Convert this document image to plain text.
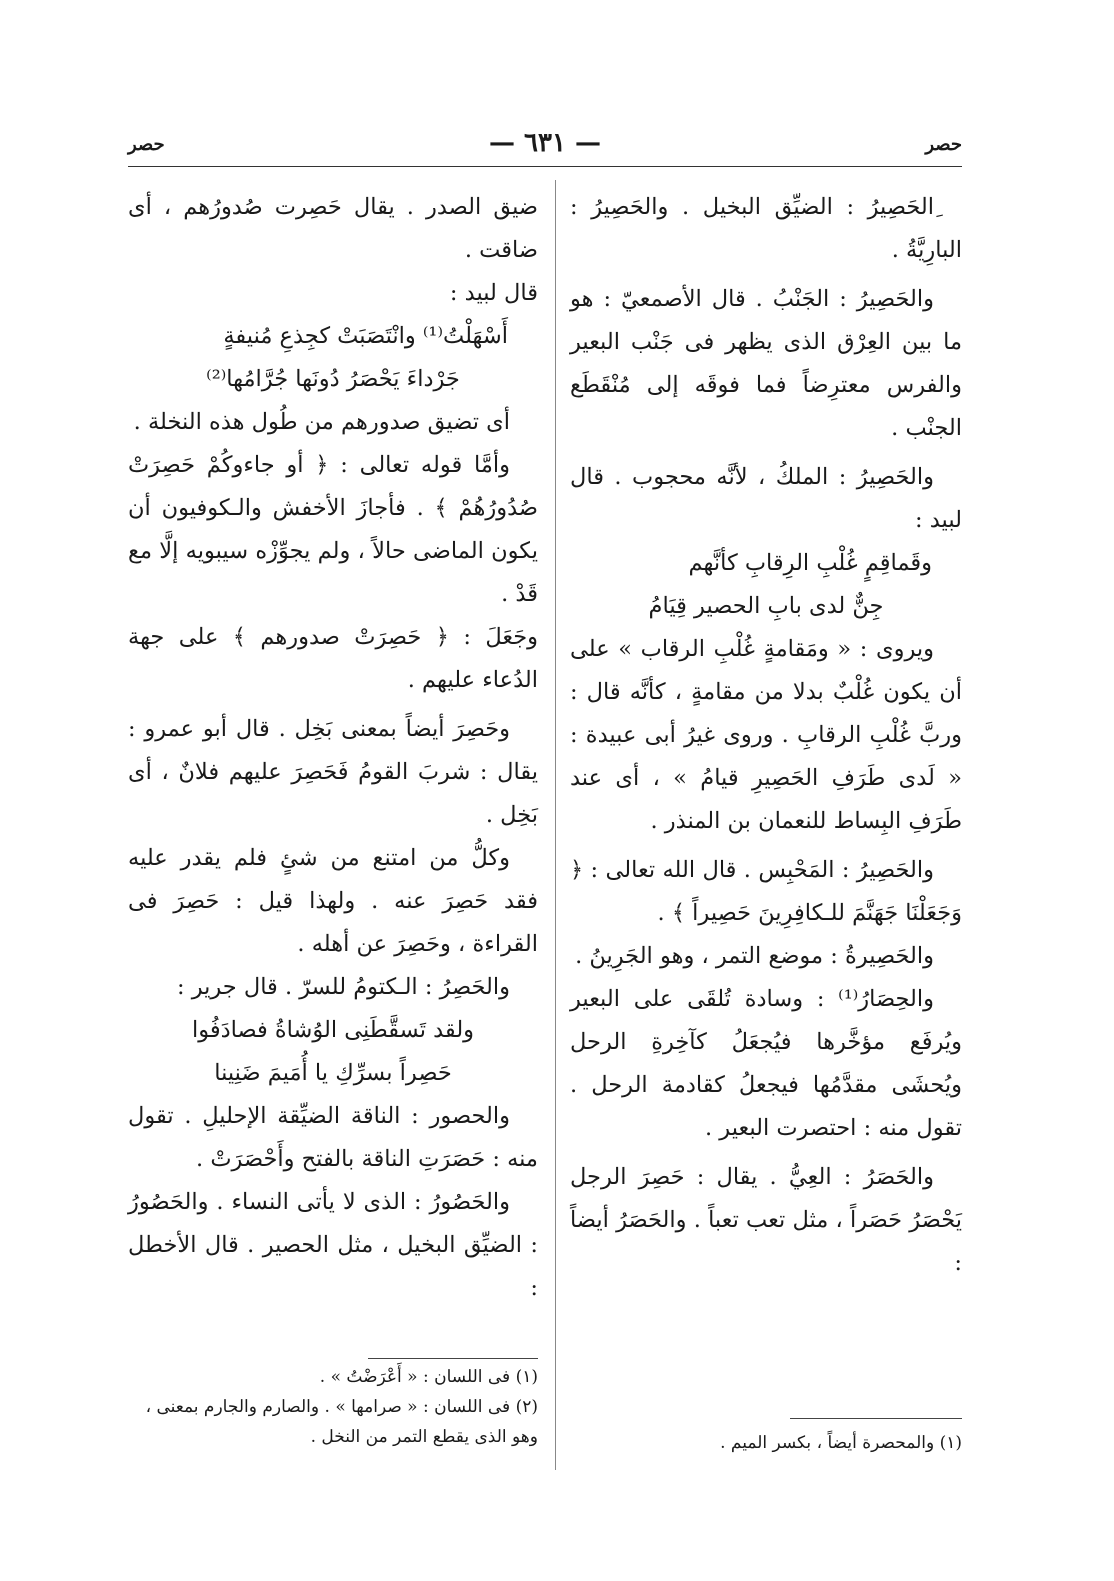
حصر
— ٦٣١ —
حصر

ِالحَصِيرُ : الضيِّق البخيل . والحَصِيرُ : البارِيَّةُ .

والحَصِيرُ : الجَنْبُ . قال الأصمعيّ : هو ما بين العِرْق الذى يظهر فى جَنْب البعير والفرس معترِضاً فما فوقَه إلى مُنْقَطَع الجنْب .

والحَصِيرُ : الملكُ ، لأنَّه محجوب . قال لبيد :

وقَماقِمٍ غُلْبِ الرِقابِ كأنَّهم

جِنٌّ لدى بابِ الحصير قِيَامُ

ويروى : « ومَقامةٍ غُلْبِ الرقاب » على أن يكون غُلْبٌ بدلا من مقامةٍ ، كأنَّه قال : وربَّ غُلْبِ الرقابِ . وروى غيرُ أبى عبيدة : « لَدى طَرَفِ الحَصِيرِ قيامُ » ، أى عند طَرَفِ البِساط للنعمان بن المنذر .

والحَصِيرُ : المَحْبِس . قال الله تعالى : ﴿ وَجَعَلْنَا جَهَنَّمَ للـكافِرِينَ حَصِيراً ﴾ .

والحَصِيرةُ : موضع التمر ، وهو الجَرِينُ .

والحِصَارُ⁽¹⁾ : وسادة تُلقَى على البعير ويُرفَع مؤخَّرها فيُجعَلُ كآخِرةِ الرحل ويُحشَى مقدَّمُها فيجعلُ كقادمة الرحل . تقول منه : احتصرت البعير .

والحَصَرُ : العِيُّ . يقال : حَصِرَ الرجل يَحْصَرُ حَصَراً ، مثل تعب تعباً . والحَصَرُ أيضاً :

ضيق الصدر . يقال حَصِرت صُدورُهم ، أى ضاقت .

قال لبيد :

أَسْهَلْتُ⁽¹⁾ وانْتَصَبَتْ كجِذعِ مُنيفةٍ

جَرْداءَ يَحْصَرُ دُونَها جُرَّامُها⁽²⁾

أى تضيق صدورهم من طُول هذه النخلة .

وأمَّا قوله تعالى : ﴿ أو جاءوكُمْ حَصِرَتْ صُدُورُهُمْ ﴾ . فأجازَ الأخفش والـكوفيون أن يكون الماضى حالاً ، ولم يجوِّزْه سيبويه إلَّا مع قَدْ .

وجَعَلَ : ﴿ حَصِرَتْ صدورهم ﴾ على جهة الدُعاء عليهم .

وحَصِرَ أيضاً بمعنى بَخِل . قال أبو عمرو : يقال : شربَ القومُ فَحَصِرَ عليهم فلانٌ ، أى بَخِل .

وكلُّ من امتنع من شئٍ فلم يقدر عليه فقد حَصِرَ عنه . ولهذا قيل : حَصِرَ فى القراءة ، وحَصِرَ عن أهله .

والحَصِرُ : الـكتومُ للسرّ . قال جرير :

ولقد تَسقَّطَنِى الوُشاةُ فصادَفُوا

حَصِراً بسرِّكِ يا أُمَيمَ ضَنِينا

والحصور : الناقة الضيِّقة الإحليلِ . تقول منه : حَصَرَتِ الناقة بالفتح وأَحْصَرَتْ .

والحَصُورُ : الذى لا يأتى النساء . والحَصُورُ : الضيِّق البخيل ، مثل الحصير . قال الأخطل :

(١) فى اللسان : « أَعْرَضْتُ » .

(٢) فى اللسان : « صرامها » . والصارم والجارم بمعنى ، وهو الذى يقطع التمر من النخل .	(١) والمحصرة أيضاً ، بكسر الميم .
